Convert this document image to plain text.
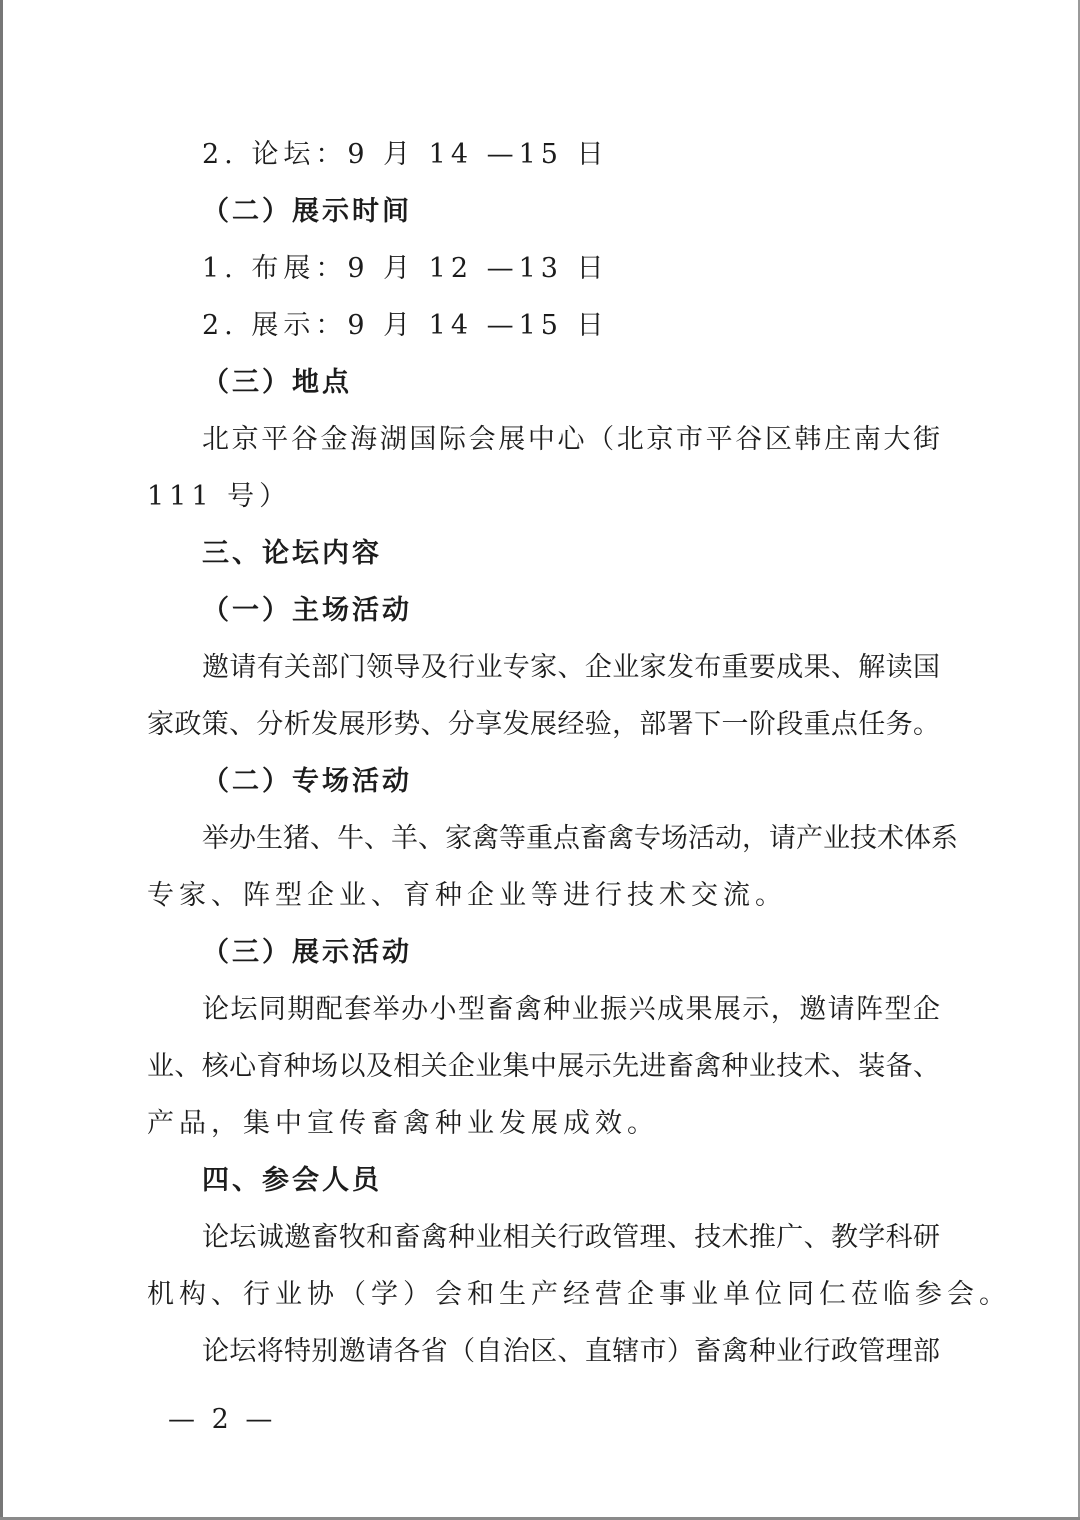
2. 论坛：9 月 14 —15 日
（二）展示时间
1. 布展：9 月 12 —13 日
2. 展示：9 月 14 —15 日
（三）地点
北京平谷金海湖国际会展中心（北京市平谷区韩庄南大街
111 号）
三、论坛内容
（一）主场活动
邀请有关部门领导及行业专家、企业家发布重要成果、解读国
家政策、分析发展形势、分享发展经验，部署下一阶段重点任务。
（二）专场活动
举办生猪、牛、羊、家禽等重点畜禽专场活动，请产业技术体系
专家、阵型企业、育种企业等进行技术交流。
（三）展示活动
论坛同期配套举办小型畜禽种业振兴成果展示，邀请阵型企
业、核心育种场以及相关企业集中展示先进畜禽种业技术、装备、
产品，集中宣传畜禽种业发展成效。
四、参会人员
论坛诚邀畜牧和畜禽种业相关行政管理、技术推广、教学科研
机构、行业协（学）会和生产经营企事业单位同仁莅临参会。
论坛将特别邀请各省（自治区、直辖市）畜禽种业行政管理部
— 2 —
